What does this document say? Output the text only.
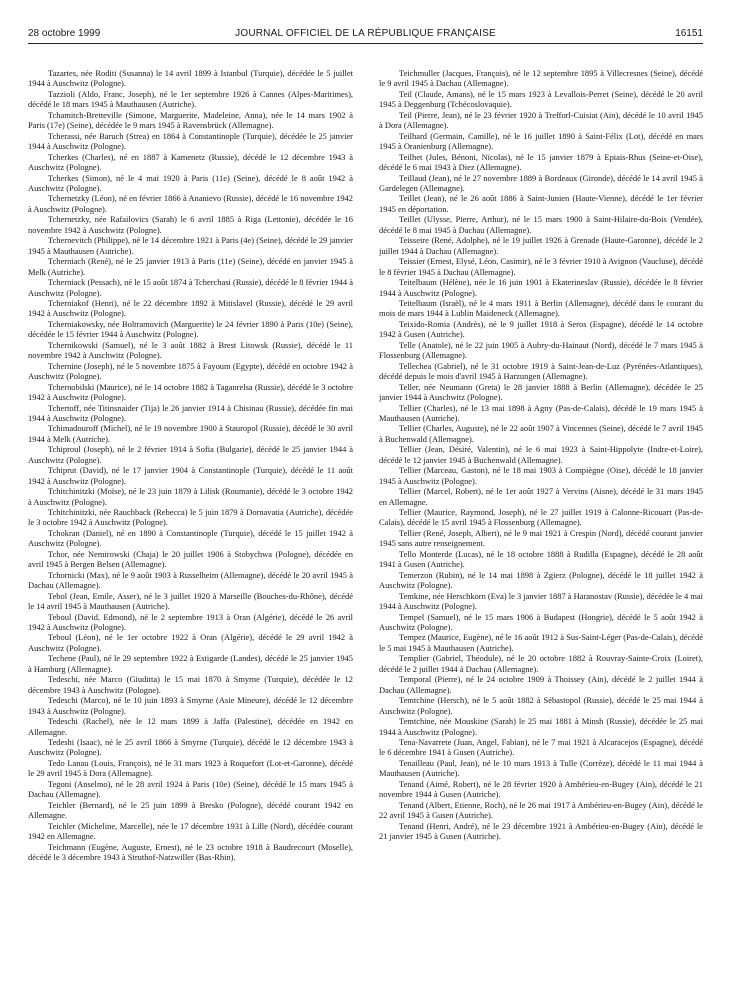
28 octobre 1999	JOURNAL OFFICIEL DE LA RÉPUBLIQUE FRANÇAISE	16151

Tazartes, née Roditi (Susanna) le 14 avril 1899 à Istanbul (Turquie), décédée le 5 juillet 1944 à Auschwitz (Pologne).

Tazzioli (Aldo, Franc, Joseph), né le 1er septembre 1926 à Cannes (Alpes-Maritimes), décédé le 18 mars 1945 à Mauthausen (Autriche).

Tchamitch-Bretteville (Simone, Marguerite, Madeleine, Anna), née le 14 mars 1902 à Paris (17e) (Seine), décédée le 9 mars 1945 à Ravensbrück (Allemagne).

Tcherassi, née Baruch (Strea) en 1864 à Constantinople (Turquie), décédée le 25 janvier 1944 à Auschwitz (Pologne).

Tcherkes (Charles), né en 1887 à Kamenetz (Russie), décédé le 12 décembre 1943 à Auschwitz (Pologne).

Tcherkes (Simon), né le 4 mai 1920 à Paris (11e) (Seine), décédé le 8 août 1942 à Auschwitz (Pologne).

Tchernetzky (Léon), né en février 1866 à Ananievo (Russie), décédé le 16 novembre 1942 à Auschwitz (Pologne).

Tchernetzky, née Rafailovics (Sarah) le 6 avril 1885 à Riga (Lettonie), décédée le 16 novembre 1942 à Auschwitz (Pologne).

Tchernevitch (Philippe), né le 14 décembre 1921 à Paris (4e) (Seine), décédé le 29 janvier 1945 à Mauthausen (Autriche).

Tcherniach (René), né le 25 janvier 1913 à Paris (11e) (Seine), décédé en janvier 1945 à Melk (Autriche).

Tcherniack (Pessach), né le 15 août 1874 à Tcherchasi (Russie), décédé le 8 février 1944 à Auschwitz (Pologne).

Tcherniakof (Henri), né le 22 décembre 1892 à Mitislavel (Russie), décédé le 29 avril 1942 à Auschwitz (Pologne).

Tcherniakowsky, née Boltramovich (Marguerite) le 24 février 1890 à Paris (10e) (Seine), décédée le 15 février 1944 à Auschwitz (Pologne).

Tchernikowski (Samuel), né le 3 août 1882 à Brest Litowsk (Russie), décédé le 11 novembre 1942 à Auschwitz (Pologne).

Tchernine (Joseph), né le 5 novembre 1875 à Fayoum (Egypte), décédé en octobre 1942 à Auschwitz (Pologne).

Tchernobilski (Maurice), né le 14 octobre 1882 à Taganrelsa (Russie), décédé le 3 octobre 1942 à Auschwitz (Pologne).

Tchertoff, née Titinsnaider (Tija) le 26 janvier 1914 à Chisinau (Russie), décédée fin mai 1944 à Auschwitz (Pologne).

Tchimadouroff (Michel), né le 19 novembre 1900 à Stauropol (Russie), décédé le 30 avril 1944 à Melk (Autriche).

Tchiproul (Joseph), né le 2 février 1914 à Sofia (Bulgarie), décédé le 25 janvier 1944 à Auschwitz (Pologne).

Tchiprut (David), né le 17 janvier 1904 à Constantinople (Turquie), décédé le 11 août 1942 à Auschwitz (Pologne).

Tchitchinitzki (Moïse), né le 23 juin 1879 à Lilisk (Roumanie), décédé le 3 octobre 1942 à Auschwitz (Pologne).

Tchitchinitzki, née Rauchback (Rebecca) le 5 juin 1879 à Dornavatia (Autriche), décédée le 3 octobre 1942 à Auschwitz (Pologne).

Tchokran (Daniel), né en 1890 à Constantinople (Turquie), décédé le 15 juillet 1942 à Auschwitz (Pologne).

Tchor, née Nemirowski (Chaja) le 20 juillet 1906 à Stobychwa (Pologne), décédée en avril 1945 à Bergen Belsen (Allemagne).

Tchornicki (Max), né le 9 août 1903 à Russelheim (Allemagne), décédé le 20 avril 1945 à Dachau (Allemagne).

Tebol (Jean, Emile, Asser), né le 3 juillet 1920 à Marseille (Bouches-du-Rhône), décédé le 14 avril 1945 à Mauthausen (Autriche).

Teboul (David, Edmond), né le 2 septembre 1913 à Oran (Algérie), décédé le 26 avril 1942 à Auschwitz (Pologne).

Teboul (Léon), né le 1er octobre 1922 à Oran (Algérie), décédé le 29 avril 1942 à Auschwitz (Pologne).

Techene (Paul), né le 29 septembre 1922 à Estigarde (Landes), décédé le 25 janvier 1945 à Hamburg (Allemagne).

Tedeschi, née Marco (Giuditta) le 15 mai 1870 à Smyrne (Turquie), décédée le 12 décembre 1943 à Auschwitz (Pologne).

Tedeschi (Marco), né le 10 juin 1893 à Smyrne (Asie Mineure), décédé le 12 décembre 1943 à Auschwitz (Pologne).

Tedeschi (Rachel), née le 12 mars 1899 à Jaffa (Palestine), décédée en 1942 en Allemagne.

Tedeshi (Isaac), né le 25 avril 1866 à Smyrne (Turquie), décédé le 12 décembre 1943 à Auschwitz (Pologne).

Tedo Lanau (Louis, François), né le 31 mars 1923 à Roquefort (Lot-et-Garonne), décédé le 29 avril 1945 à Dora (Allemagne).

Tegoni (Anselmo), né le 28 avril 1924 à Paris (10e) (Seine), décédé le 15 mars 1945 à Dachau (Allemagne).

Teichler (Bernard), né le 25 juin 1899 à Bresko (Pologne), décédé courant 1942 en Allemagne.

Teichler (Micheline, Marcelle), née le 17 décembre 1931 à Lille (Nord), décédée courant 1942 en Allemagne.

Teichmann (Eugène, Auguste, Ernest), né le 23 octobre 1918 à Baudrecourt (Moselle), décédé le 3 décembre 1943 à Struthof-Natzwiller (Bas-Rhin).

Teichmuller (Jacques, François), né le 12 septembre 1895 à Villecresnes (Seine), décédé le 9 avril 1945 à Dachau (Allemagne).

Teil (Claude, Amans), né le 15 mars 1923 à Levallois-Perret (Seine), décédé le 20 avril 1945 à Deggenburg (Tchécoslovaquie).

Teil (Pierre, Jean), né le 23 février 1920 à Trefforl-Cuisiat (Ain), décédé le 10 avril 1945 à Dora (Allemagne).

Teilhard (Germain, Camille), né le 16 juillet 1890 à Saint-Félix (Lot), décédé en mars 1945 à Oranienburg (Allemagne).

Teilhet (Jules, Bénoni, Nicolas), né le 15 janvier 1879 à Epiais-Rhus (Seine-et-Oise), décédé le 6 mai 1943 à Diez (Allemagne).

Teillaud (Jean), né le 27 novembre 1889 à Bordeaux (Gironde), décédé le 14 avril 1945 à Gardelegen (Allemagne).

Teillet (Jean), né le 26 août 1886 à Saint-Junien (Haute-Vienne), décédé le 1er février 1945 en déportation.

Teillet (Ulysse, Pierre, Arthur), né le 15 mars 1900 à Saint-Hilaire-du-Bois (Vendée), décédé le 8 mai 1945 à Dachau (Allemagne).

Teisseire (René, Adolphe), né le 19 juillet 1926 à Grenade (Haute-Garonne), décédé le 2 juillet 1944 à Dachau (Allemagne).

Teissier (Ernest, Elysé, Léon, Casimir), né le 3 février 1910 à Avignon (Vaucluse), décédé le 8 février 1945 à Dachau (Allemagne).

Teitelbaum (Hélène), née le 16 juin 1901 à Ekaterineslav (Russie), décédée le 8 février 1944 à Auschwitz (Pologne).

Teitelbaum (Israël), né le 4 mars 1911 à Berlin (Allemagne), décédé dans le courant du mois de mars 1944 à Lublin Maideneck (Allemagne).

Teixido-Romia (Andrès), né le 9 juillet 1918 à Seros (Espagne), décédé le 14 octobre 1942 à Gusen (Autriche).

Telle (Anatole), né le 22 juin 1905 à Aubry-du-Hainaut (Nord), décédé le 7 mars 1945 à Flossenburg (Allemagne).

Tellechea (Gabriel), né le 31 octobre 1919 à Saint-Jean-de-Luz (Pyrénées-Atlantiques), décédé depuis le mois d'avril 1945 à Harzungen (Allemagne).

Teller, née Neumann (Greta) le 28 janvier 1888 à Berlin (Allemagne), décédée le 25 janvier 1944 à Auschwitz (Pologne).

Tellier (Charles), né le 13 mai 1898 à Agny (Pas-de-Calais), décédé le 19 mars 1945 à Mauthausen (Autriche).

Tellier (Charles, Auguste), né le 22 août 1907 à Vincennes (Seine), décédé le 7 avril 1945 à Buchenwald (Allemagne).

Tellier (Jean, Désiré, Valentin), né le 6 mai 1923 à Saint-Hippolyte (Indre-et-Loire), décédé le 12 janvier 1945 à Buchenwald (Allemagne).

Tellier (Marceau, Gaston), né le 18 mai 1903 à Compiègne (Oise), décédé le 18 janvier 1945 à Auschwitz (Pologne).

Tellier (Marcel, Robert), né le 1er août 1927 à Vervins (Aisne), décédé le 31 mars 1945 en Allemagne.

Tellier (Maurice, Raymond, Joseph), né le 27 juillet 1919 à Calonne-Ricouart (Pas-de-Calais), décédé le 15 avril 1945 à Flossenburg (Allemagne).

Tellier (René, Joseph, Albert), né le 9 mai 1921 à Crespin (Nord), décédé courant janvier 1945 sans autre renseignement.

Tello Monterde (Lucas), né le 18 octobre 1888 à Rudilla (Espagne), décédé le 28 août 1941 à Gusen (Autriche).

Temerzon (Rubin), né le 14 mai 1898 à Zgierz (Pologne), décédé le 18 juillet 1942 à Auschwitz (Pologne).

Temkine, née Herschkorn (Eva) le 3 janvier 1887 à Haranostav (Russie), décédée le 4 mai 1944 à Auschwitz (Pologne).

Tempel (Samuel), né le 15 mars 1906 à Budapest (Hongrie), décédé le 5 août 1942 à Auschwitz (Pologne).

Tempez (Maurice, Eugène), né le 16 août 1912 à Sus-Saint-Léger (Pas-de-Calais), décédé le 5 mai 1945 à Mauthausen (Autriche).

Templier (Gabriel, Théodule), né le 20 octobre 1882 à Rouvray-Sainte-Croix (Loiret), décédé le 2 juillet 1944 à Dachau (Allemagne).

Temporal (Pierre), né le 24 octobre 1909 à Thoissey (Ain), décédé le 2 juillet 1944 à Dachau (Allemagne).

Temtchine (Hersch), né le 5 août 1882 à Sébastopol (Russie), décédé le 25 mai 1944 à Auschwitz (Pologne).

Temtchine, née Mouskine (Sarah) le 25 mai 1881 à Minsh (Russie), décédée le 25 mai 1944 à Auschwitz (Pologne).

Tena-Navarrete (Juan, Angel, Fabian), né le 7 mai 1921 à Alcaracejos (Espagne), décédé le 6 décembre 1941 à Gusen (Autriche).

Tenailleau (Paul, Jean), né le 10 mars 1913 à Tulle (Corrèze), décédé le 11 mai 1944 à Mauthausen (Autriche).

Tenand (Aimé, Robert), né le 28 février 1920 à Ambérieu-en-Bugey (Ain), décédé le 21 novembre 1944 à Gusen (Autriche).

Tenand (Albert, Etienne, Roch), né le 26 mai 1917 à Ambérieu-en-Bugey (Ain), décédé le 22 avril 1945 à Gusen (Autriche).

Tenand (Henri, André), né le 23 décembre 1921 à Ambérieu-en-Bugey (Ain), décédé le 21 janvier 1945 à Gusen (Autriche).
